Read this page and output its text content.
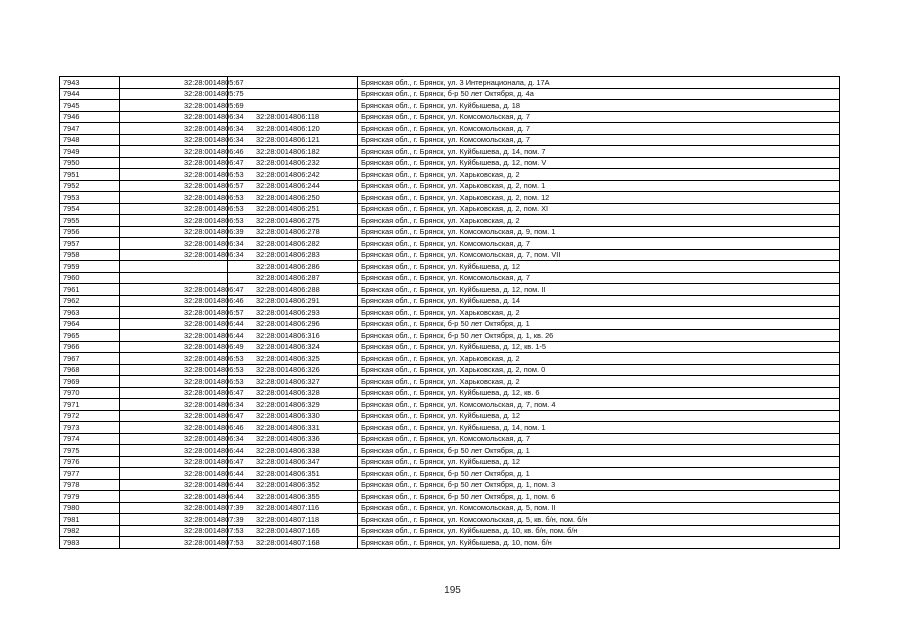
7943	32:28:0014805:67		Брянская обл., г. Брянск, ул. 3 Интернационала, д. 17А
7944	32:28:0014805:75		Брянская обл., г. Брянск, б-р 50 лет Октября, д. 4а
7945	32:28:0014805:69		Брянская обл., г. Брянск, ул. Куйбышева, д. 18
7946	32:28:0014806:34	32:28:0014806:118	Брянская обл., г. Брянск, ул. Комсомольская, д. 7
7947	32:28:0014806:34	32:28:0014806:120	Брянская обл., г. Брянск, ул. Комсомольская, д. 7
7948	32:28:0014806:34	32:28:0014806:121	Брянская обл., г. Брянск, ул. Комсомольская, д. 7
7949	32:28:0014806:46	32:28:0014806:182	Брянская обл., г. Брянск, ул. Куйбышева, д. 14, пом. 7
7950	32:28:0014806:47	32:28:0014806:232	Брянская обл., г. Брянск, ул. Куйбышева, д. 12, пом. V
7951	32:28:0014806:53	32:28:0014806:242	Брянская обл., г. Брянск, ул. Харьковская, д. 2
7952	32:28:0014806:57	32:28:0014806:244	Брянская обл., г. Брянск, ул. Харьковская, д. 2, пом. 1
7953	32:28:0014806:53	32:28:0014806:250	Брянская обл., г. Брянск, ул. Харьковская, д. 2, пом. 12
7954	32:28:0014806:53	32:28:0014806:251	Брянская обл., г. Брянск, ул. Харьковская, д. 2, пом. XI
7955	32:28:0014806:53	32:28:0014806:275	Брянская обл., г. Брянск, ул. Харьковская, д. 2
7956	32:28:0014806:39	32:28:0014806:278	Брянская обл., г. Брянск, ул. Комсомольская, д. 9, пом. 1
7957	32:28:0014806:34	32:28:0014806:282	Брянская обл., г. Брянск, ул. Комсомольская, д. 7
7958	32:28:0014806:34	32:28:0014806:283	Брянская обл., г. Брянск, ул. Комсомольская, д. 7, пом. VII
7959		32:28:0014806:286	Брянская обл., г. Брянск, ул. Куйбышева, д. 12
7960		32:28:0014806:287	Брянская обл., г. Брянск, ул. Комсомольская, д. 7
7961	32:28:0014806:47	32:28:0014806:288	Брянская обл., г. Брянск, ул. Куйбышева, д. 12, пом. II
7962	32:28:0014806:46	32:28:0014806:291	Брянская обл., г. Брянск, ул. Куйбышева, д. 14
7963	32:28:0014806:57	32:28:0014806:293	Брянская обл., г. Брянск, ул. Харьковская, д. 2
7964	32:28:0014806:44	32:28:0014806:296	Брянская обл., г. Брянск, б-р 50 лет Октября, д. 1
7965	32:28:0014806:44	32:28:0014806:316	Брянская обл., г. Брянск, б-р 50 лет Октября, д. 1, кв. 26
7966	32:28:0014806:49	32:28:0014806:324	Брянская обл., г. Брянск, ул. Куйбышева, д. 12, кв. 1-5
7967	32:28:0014806:53	32:28:0014806:325	Брянская обл., г. Брянск, ул. Харьковская, д. 2
7968	32:28:0014806:53	32:28:0014806:326	Брянская обл., г. Брянск, ул. Харьковская, д. 2, пом. 0
7969	32:28:0014806:53	32:28:0014806:327	Брянская обл., г. Брянск, ул. Харьковская, д. 2
7970	32:28:0014806:47	32:28:0014806:328	Брянская обл., г. Брянск, ул. Куйбышева, д. 12, кв. 6
7971	32:28:0014806:34	32:28:0014806:329	Брянская обл., г. Брянск, ул. Комсомольская, д. 7, пом. 4
7972	32:28:0014806:47	32:28:0014806:330	Брянская обл., г. Брянск, ул. Куйбышева, д. 12
7973	32:28:0014806:46	32:28:0014806:331	Брянская обл., г. Брянск, ул. Куйбышева, д. 14, пом. 1
7974	32:28:0014806:34	32:28:0014806:336	Брянская обл., г. Брянск, ул. Комсомольская, д. 7
7975	32:28:0014806:44	32:28:0014806:338	Брянская обл., г. Брянск, б-р 50 лет Октября, д. 1
7976	32:28:0014806:47	32:28:0014806:347	Брянская обл., г. Брянск, ул. Куйбышева, д. 12
7977	32:28:0014806:44	32:28:0014806:351	Брянская обл., г. Брянск, б-р 50 лет Октября, д. 1
7978	32:28:0014806:44	32:28:0014806:352	Брянская обл., г. Брянск, б-р 50 лет Октября, д. 1, пом. 3
7979	32:28:0014806:44	32:28:0014806:355	Брянская обл., г. Брянск, б-р 50 лет Октября, д. 1, пом. 6
7980	32:28:0014807:39	32:28:0014807:116	Брянская обл., г. Брянск, ул. Комсомольская, д. 5, пом. II
7981	32:28:0014807:39	32:28:0014807:118	Брянская обл., г. Брянск, ул. Комсомольская, д. 5, кв. б/н, пом. б/н
7982	32:28:0014807:53	32:28:0014807:165	Брянская обл., г. Брянск, ул. Куйбышева, д. 10, кв. б/н, пом. б/н
7983	32:28:0014807:53	32:28:0014807:168	Брянская обл., г. Брянск, ул. Куйбышева, д. 10, пом. б/н
195
